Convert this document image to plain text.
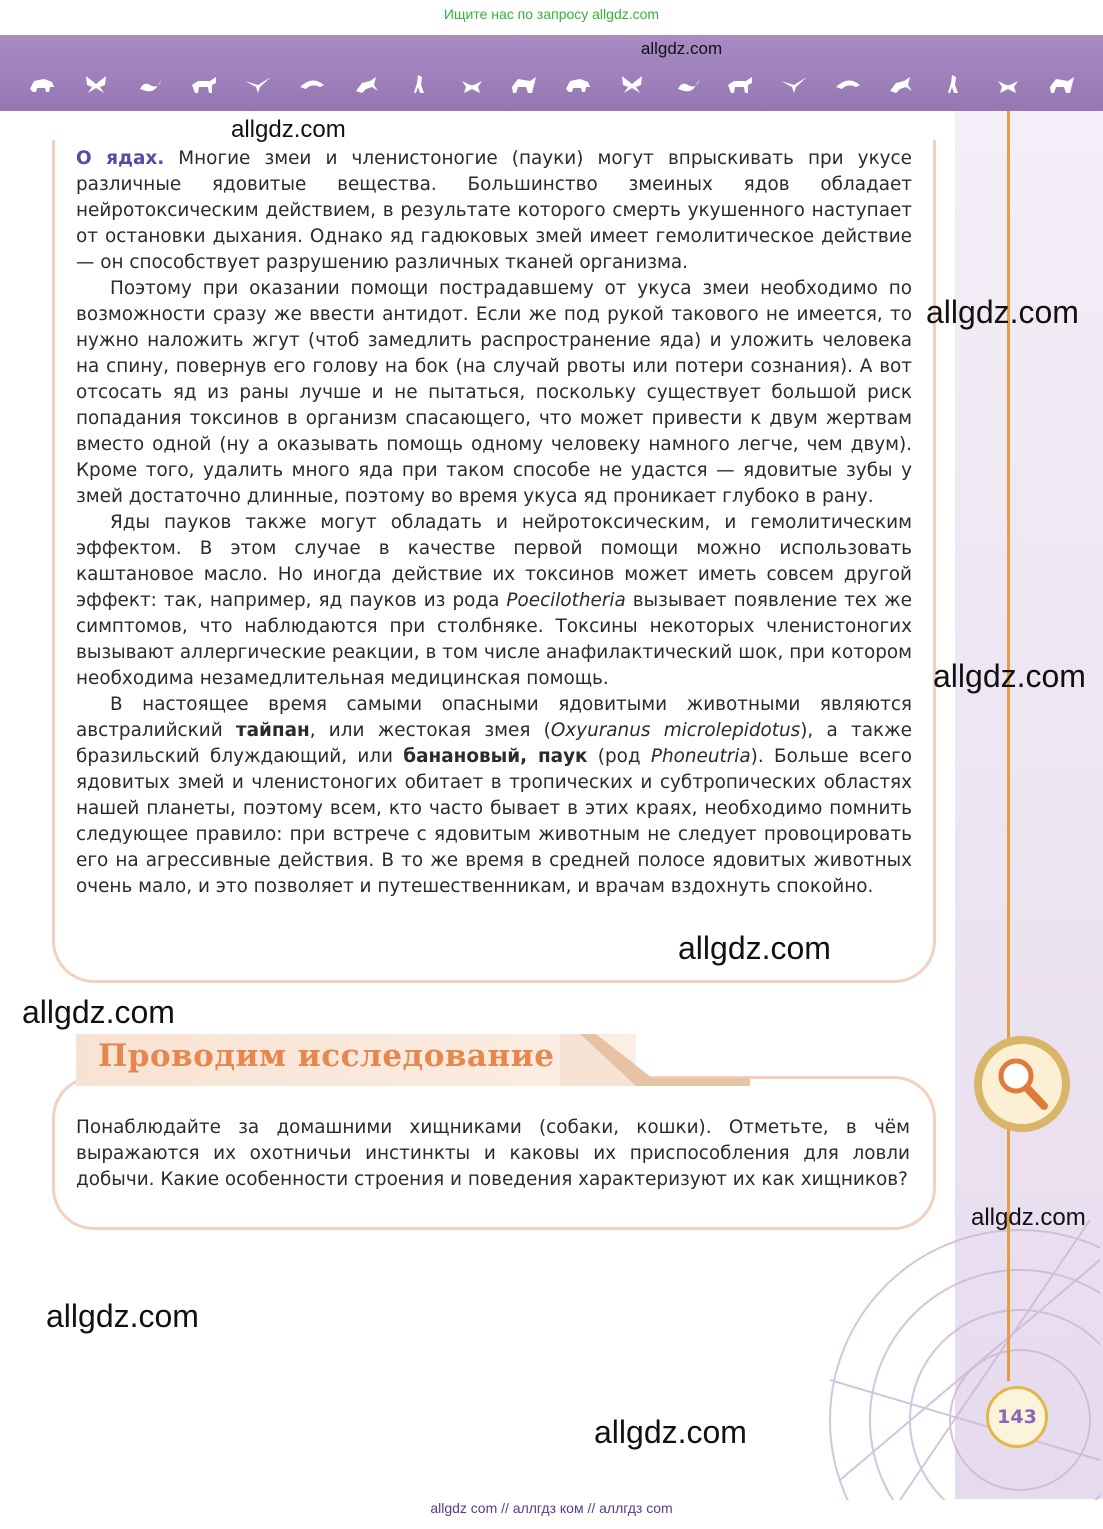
Ищите нас по запросу allgdz.com
allgdz.com

О ядах. Многие змеи и членистоногие (пауки) могут впрыскивать при укусе различные ядовитые вещества. Большинство змеиных ядов обладает нейротоксическим действием, в результате которого смерть укушенного наступает от остановки дыхания. Однако яд гадюковых змей имеет гемолитическое действие — он способствует разрушению различных тканей организма.

Поэтому при оказании помощи пострадавшему от укуса змеи необходимо по возможности сразу же ввести антидот. Если же под рукой такового не имеется, то нужно наложить жгут (чтоб замедлить распространение яда) и уложить человека на спину, повернув его голову на бок (на случай рвоты или потери сознания). А вот отсосать яд из раны лучше и не пытаться, поскольку существует большой риск попадания токсинов в организм спасающего, что может привести к двум жертвам вместо одной (ну а оказывать помощь одному человеку намного легче, чем двум). Кроме того, удалить много яда при таком способе не удастся — ядовитые зубы у змей достаточно длинные, поэтому во время укуса яд проникает глубоко в рану.

Яды пауков также могут обладать и нейротоксическим, и гемолитическим эффектом. В этом случае в качестве первой помощи можно использовать каштановое масло. Но иногда действие их токсинов может иметь совсем другой эффект: так, например, яд пауков из рода Poecilotheria вызывает появление тех же симптомов, что наблюдаются при столбняке. Токсины некоторых членистоногих вызывают аллергические реакции, в том числе анафилактический шок, при котором необходима незамедлительная медицинская помощь.

В настоящее время самыми опасными ядовитыми животными являются австралийский тайпан, или жестокая змея (Oxyuranus microlepidotus), а также бразильский блуждающий, или банановый, паук (род Phoneutria). Больше всего ядовитых змей и членистоногих обитает в тропических и субтропических областях нашей планеты, поэтому всем, кто часто бывает в этих краях, необходимо помнить следующее правило: при встрече с ядовитым животным не следует провоцировать его на агрессивные действия. В то же время в средней полосе ядовитых животных очень мало, и это позволяет и путешественникам, и врачам вздохнуть спокойно.

Проводим исследование
Понаблюдайте за домашними хищниками (собаки, кошки). Отметьте, в чём выражаются их охотничьи инстинкты и каковы их приспособления для ловли добычи. Какие особенности строения и поведения характеризуют их как хищников?
143
allgdz.com
allgdz.com
allgdz.com
allgdz.com
allgdz.com
allgdz.com
allgdz.com
allgdz.com
allgdz com // аллгдз ком // аллгдз com
